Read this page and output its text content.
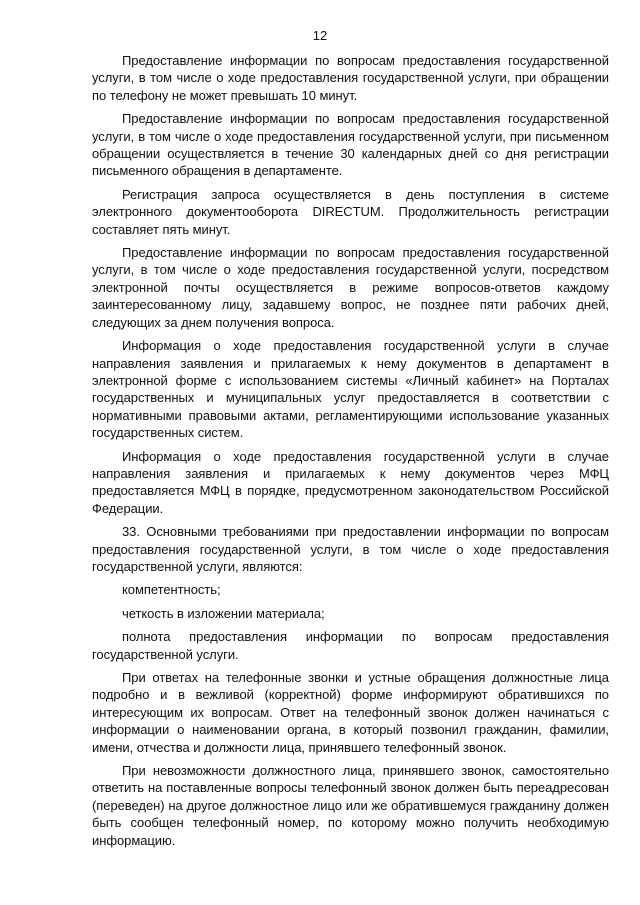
12

Предоставление информации по вопросам предоставления государственной услуги, в том числе о ходе предоставления государственной услуги, при обращении по телефону не может превышать 10 минут.

Предоставление информации по вопросам предоставления государственной услуги, в том числе о ходе предоставления государственной услуги, при письменном обращении осуществляется в течение 30 календарных дней со дня регистрации письменного обращения в департаменте.

Регистрация запроса осуществляется в день поступления в системе электронного документооборота DIRECTUM. Продолжительность регистрации составляет пять минут.

Предоставление информации по вопросам предоставления государственной услуги, в том числе о ходе предоставления государственной услуги, посредством электронной почты осуществляется в режиме вопросов-ответов каждому заинтересованному лицу, задавшему вопрос, не позднее пяти рабочих дней, следующих за днем получения вопроса.

Информация о ходе предоставления государственной услуги в случае направления заявления и прилагаемых к нему документов в департамент в электронной форме с использованием системы «Личный кабинет» на Порталах государственных и муниципальных услуг предоставляется в соответствии с нормативными правовыми актами, регламентирующими использование указанных государственных систем.

Информация о ходе предоставления государственной услуги в случае направления заявления и прилагаемых к нему документов через МФЦ предоставляется МФЦ в порядке, предусмотренном законодательством Российской Федерации.

33. Основными требованиями при предоставлении информации по вопросам предоставления государственной услуги, в том числе о ходе предоставления государственной услуги, являются:

компетентность;

четкость в изложении материала;

полнота предоставления информации по вопросам предоставления государственной услуги.

При ответах на телефонные звонки и устные обращения должностные лица подробно и в вежливой (корректной) форме информируют обратившихся по интересующим их вопросам. Ответ на телефонный звонок должен начинаться с информации о наименовании органа, в который позвонил гражданин, фамилии, имени, отчества и должности лица, принявшего телефонный звонок.

При невозможности должностного лица, принявшего звонок, самостоятельно ответить на поставленные вопросы телефонный звонок должен быть переадресован (переведен) на другое должностное лицо или же обратившемуся гражданину должен быть сообщен телефонный номер, по которому можно получить необходимую информацию.
